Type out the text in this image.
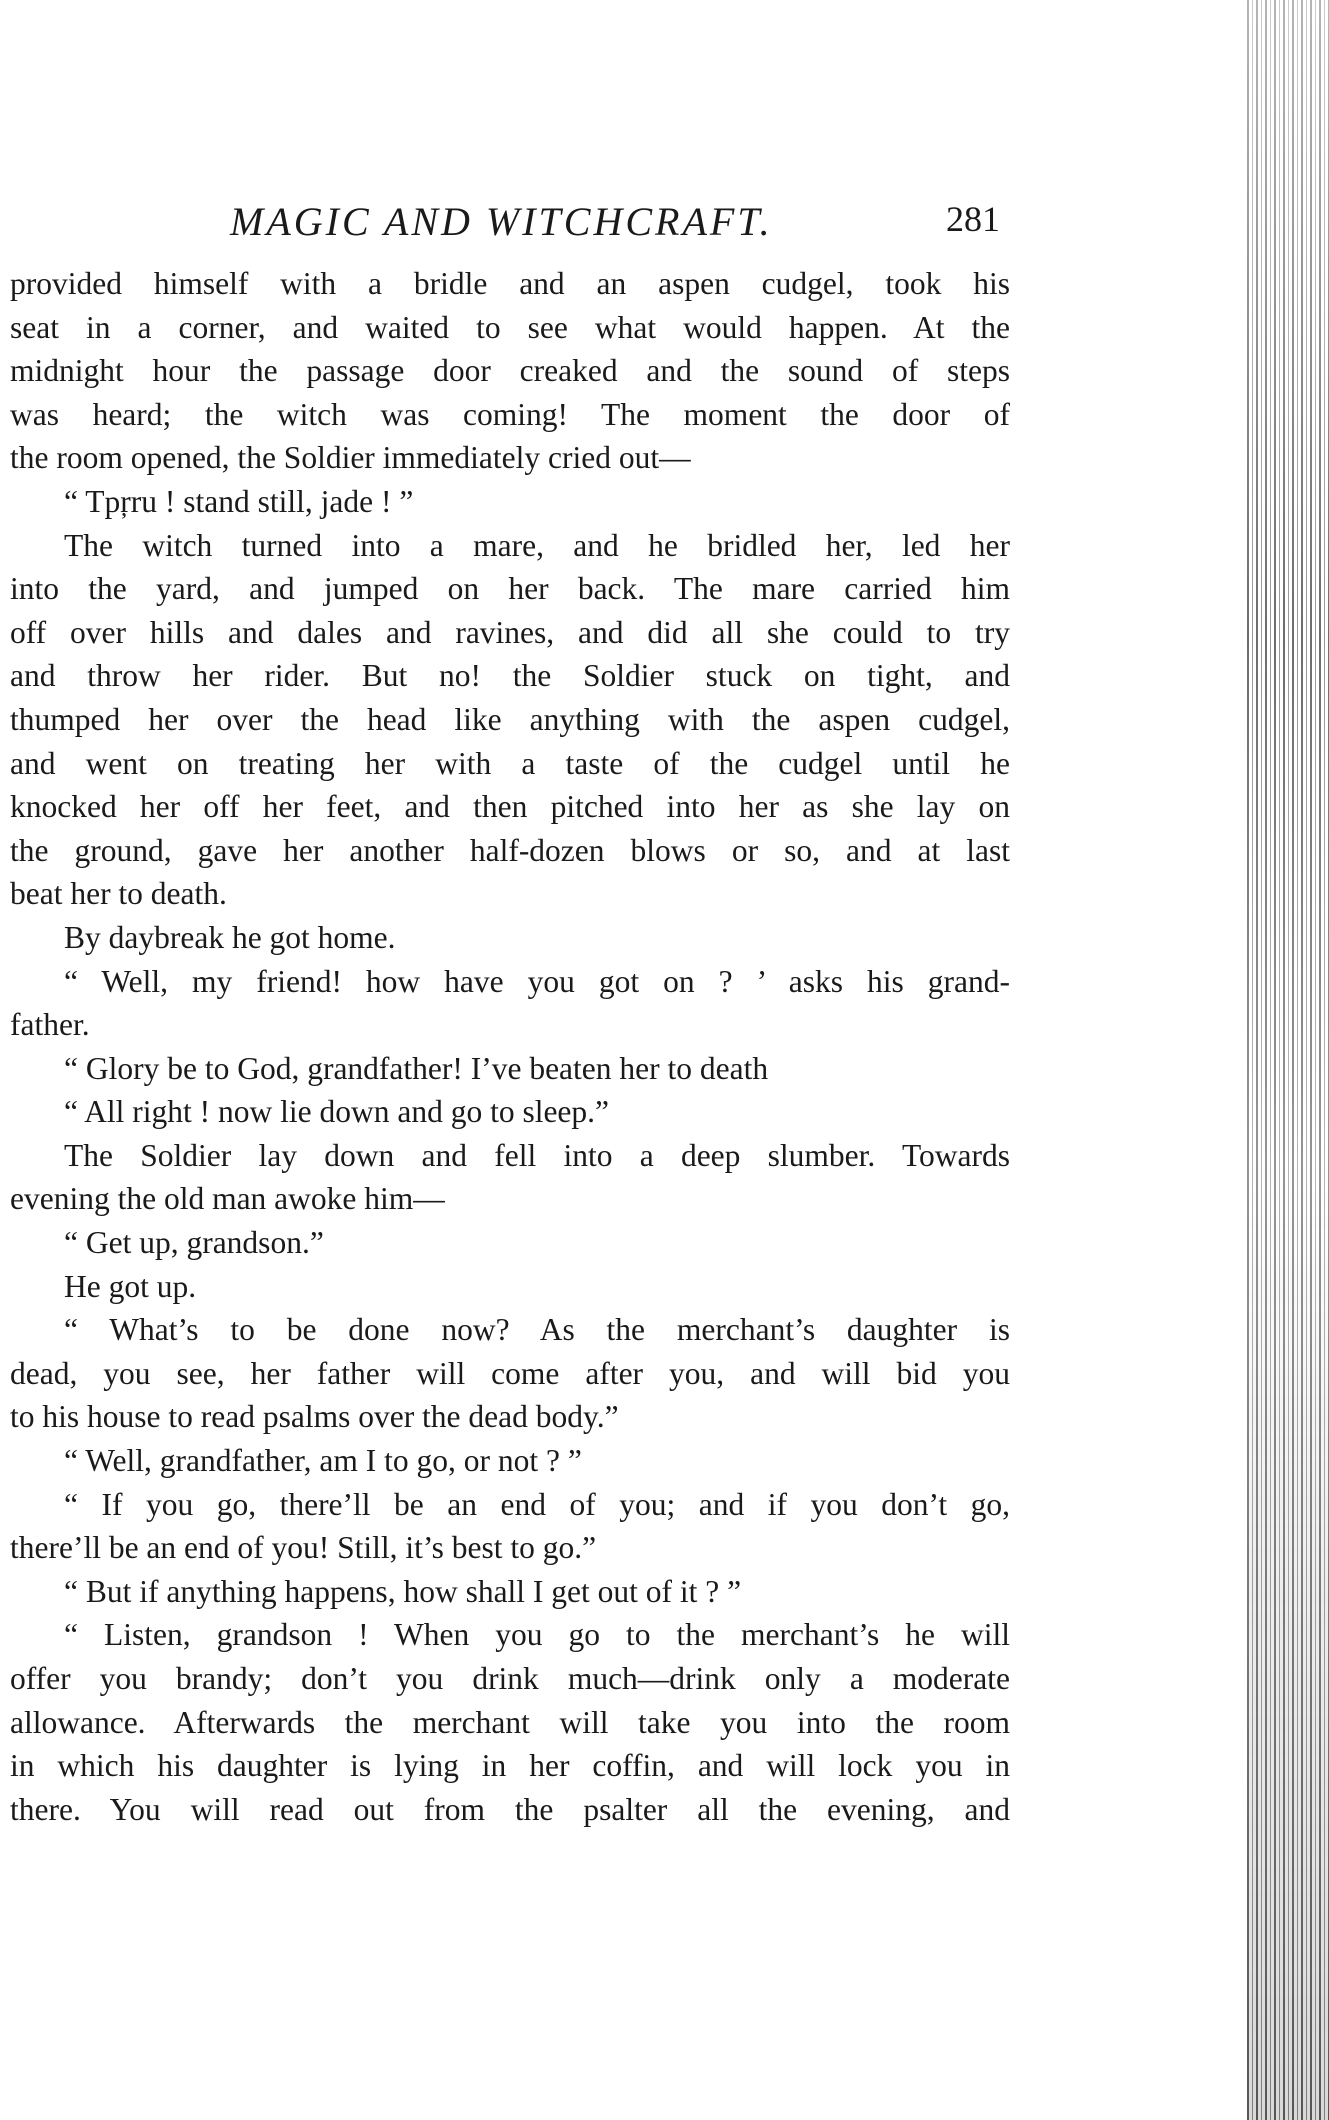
MAGIC AND WITCHCRAFT.	281
provided himself with a bridle and an aspen cudgel, took his
seat in a corner, and waited to see what would happen. At the
midnight hour the passage door creaked and the sound of steps
was heard; the witch was coming! The moment the door of
the room opened, the Soldier immediately cried out—
“ Tpŗru ! stand still, jade ! ”
The witch turned into a mare, and he bridled her, led her
into the yard, and jumped on her back. The mare carried him
off over hills and dales and ravines, and did all she could to try
and throw her rider. But no! the Soldier stuck on tight, and
thumped her over the head like anything with the aspen cudgel,
and went on treating her with a taste of the cudgel until he
knocked her off her feet, and then pitched into her as she lay on
the ground, gave her another half-dozen blows or so, and at last
beat her to death.
By daybreak he got home.
“ Well, my friend! how have you got on ? ’ asks his grand-
father.
“ Glory be to God, grandfather! I’ve beaten her to death
“ All right ! now lie down and go to sleep.”
The Soldier lay down and fell into a deep slumber. Towards
evening the old man awoke him—
“ Get up, grandson.”
He got up.
“ What’s to be done now? As the merchant’s daughter is
dead, you see, her father will come after you, and will bid you
to his house to read psalms over the dead body.”
“ Well, grandfather, am I to go, or not ? ”
“ If you go, there’ll be an end of you; and if you don’t go,
there’ll be an end of you! Still, it’s best to go.”
“ But if anything happens, how shall I get out of it ? ”
“ Listen, grandson ! When you go to the merchant’s he will
offer you brandy; don’t you drink much—drink only a moderate
allowance. Afterwards the merchant will take you into the room
in which his daughter is lying in her coffin, and will lock you in
there. You will read out from the psalter all the evening, and
